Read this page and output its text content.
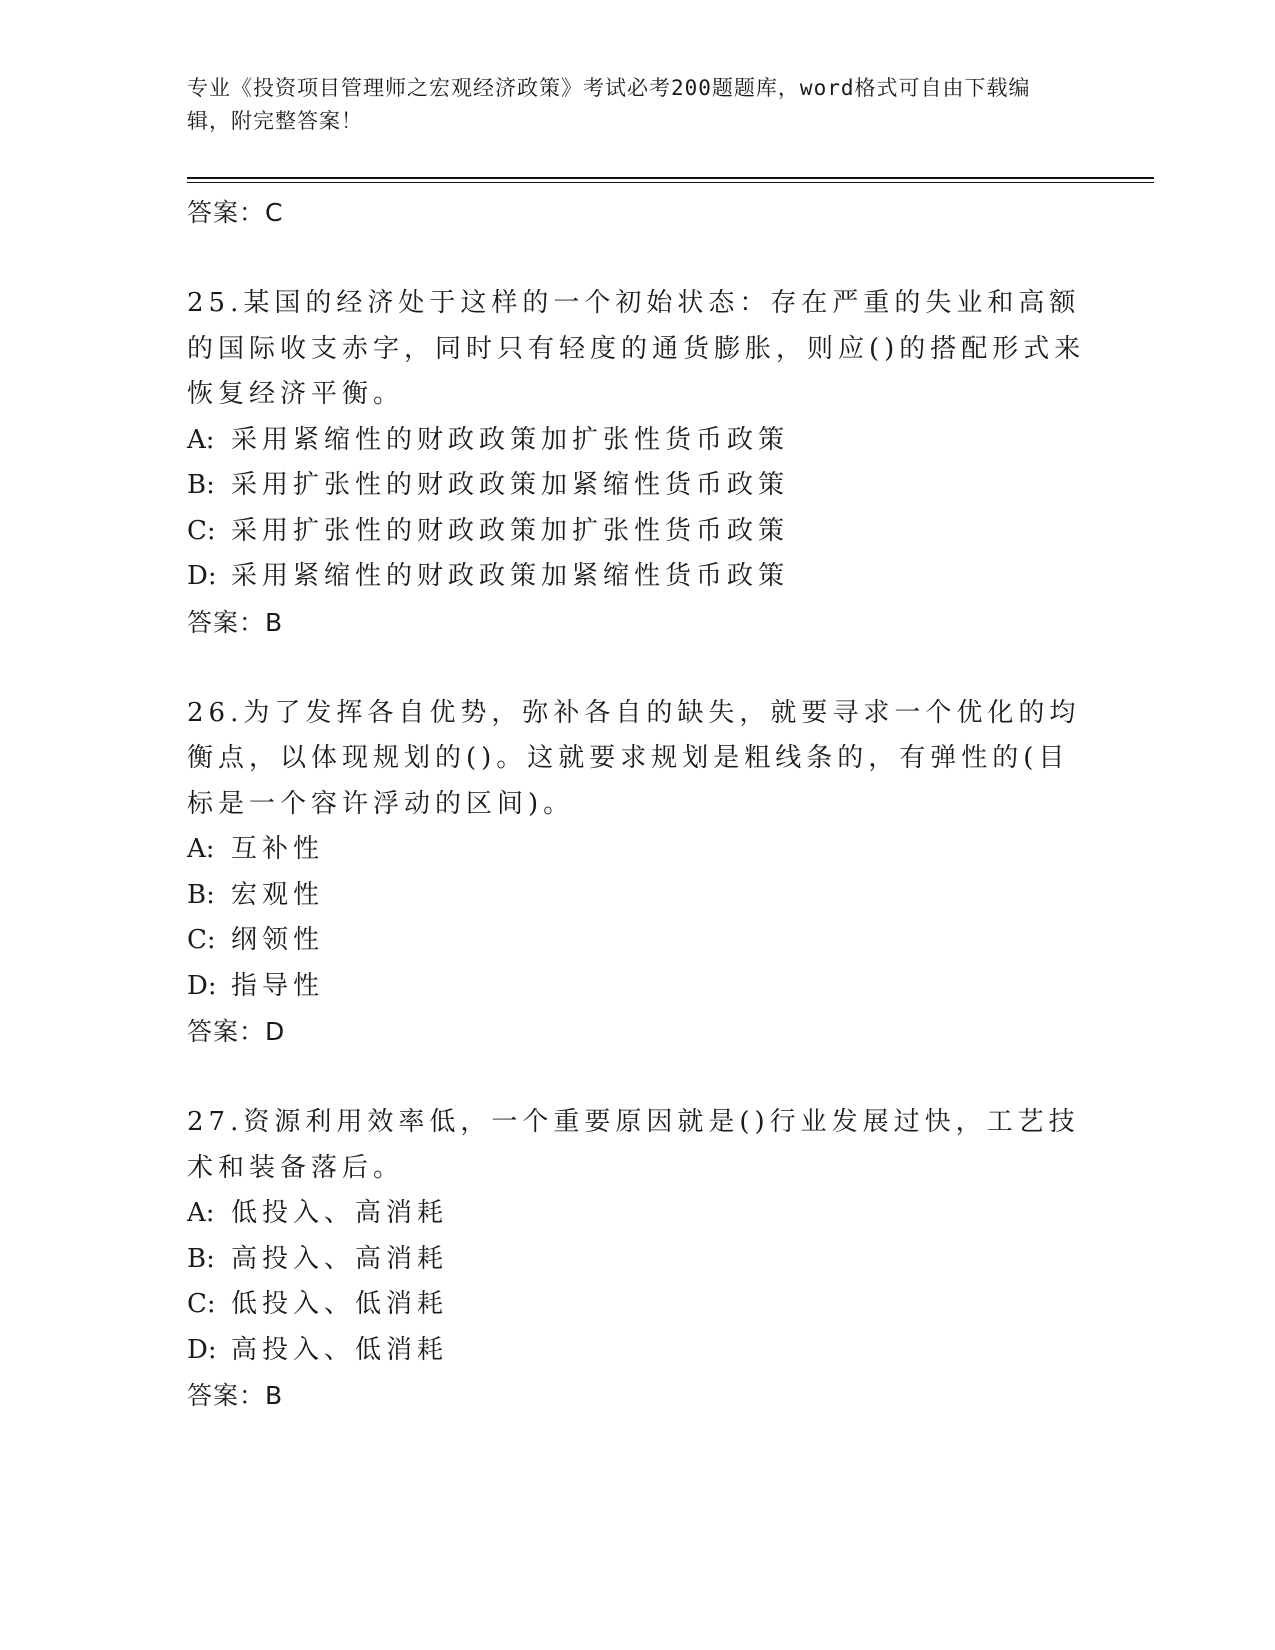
专业《投资项目管理师之宏观经济政策》考试必考200题题库，word格式可自由下载编辑，附完整答案！
答案：C
25.某国的经济处于这样的一个初始状态：存在严重的失业和高额的国际收支赤字，同时只有轻度的通货膨胀，则应()的搭配形式来恢复经济平衡。
A: 采用紧缩性的财政政策加扩张性货币政策
B: 采用扩张性的财政政策加紧缩性货币政策
C: 采用扩张性的财政政策加扩张性货币政策
D: 采用紧缩性的财政政策加紧缩性货币政策
答案：B
26.为了发挥各自优势，弥补各自的缺失，就要寻求一个优化的均衡点，以体现规划的()。这就要求规划是粗线条的，有弹性的(目标是一个容许浮动的区间)。
A: 互补性
B: 宏观性
C: 纲领性
D: 指导性
答案：D
27.资源利用效率低，一个重要原因就是()行业发展过快，工艺技术和装备落后。
A: 低投入、高消耗
B: 高投入、高消耗
C: 低投入、低消耗
D: 高投入、低消耗
答案：B
